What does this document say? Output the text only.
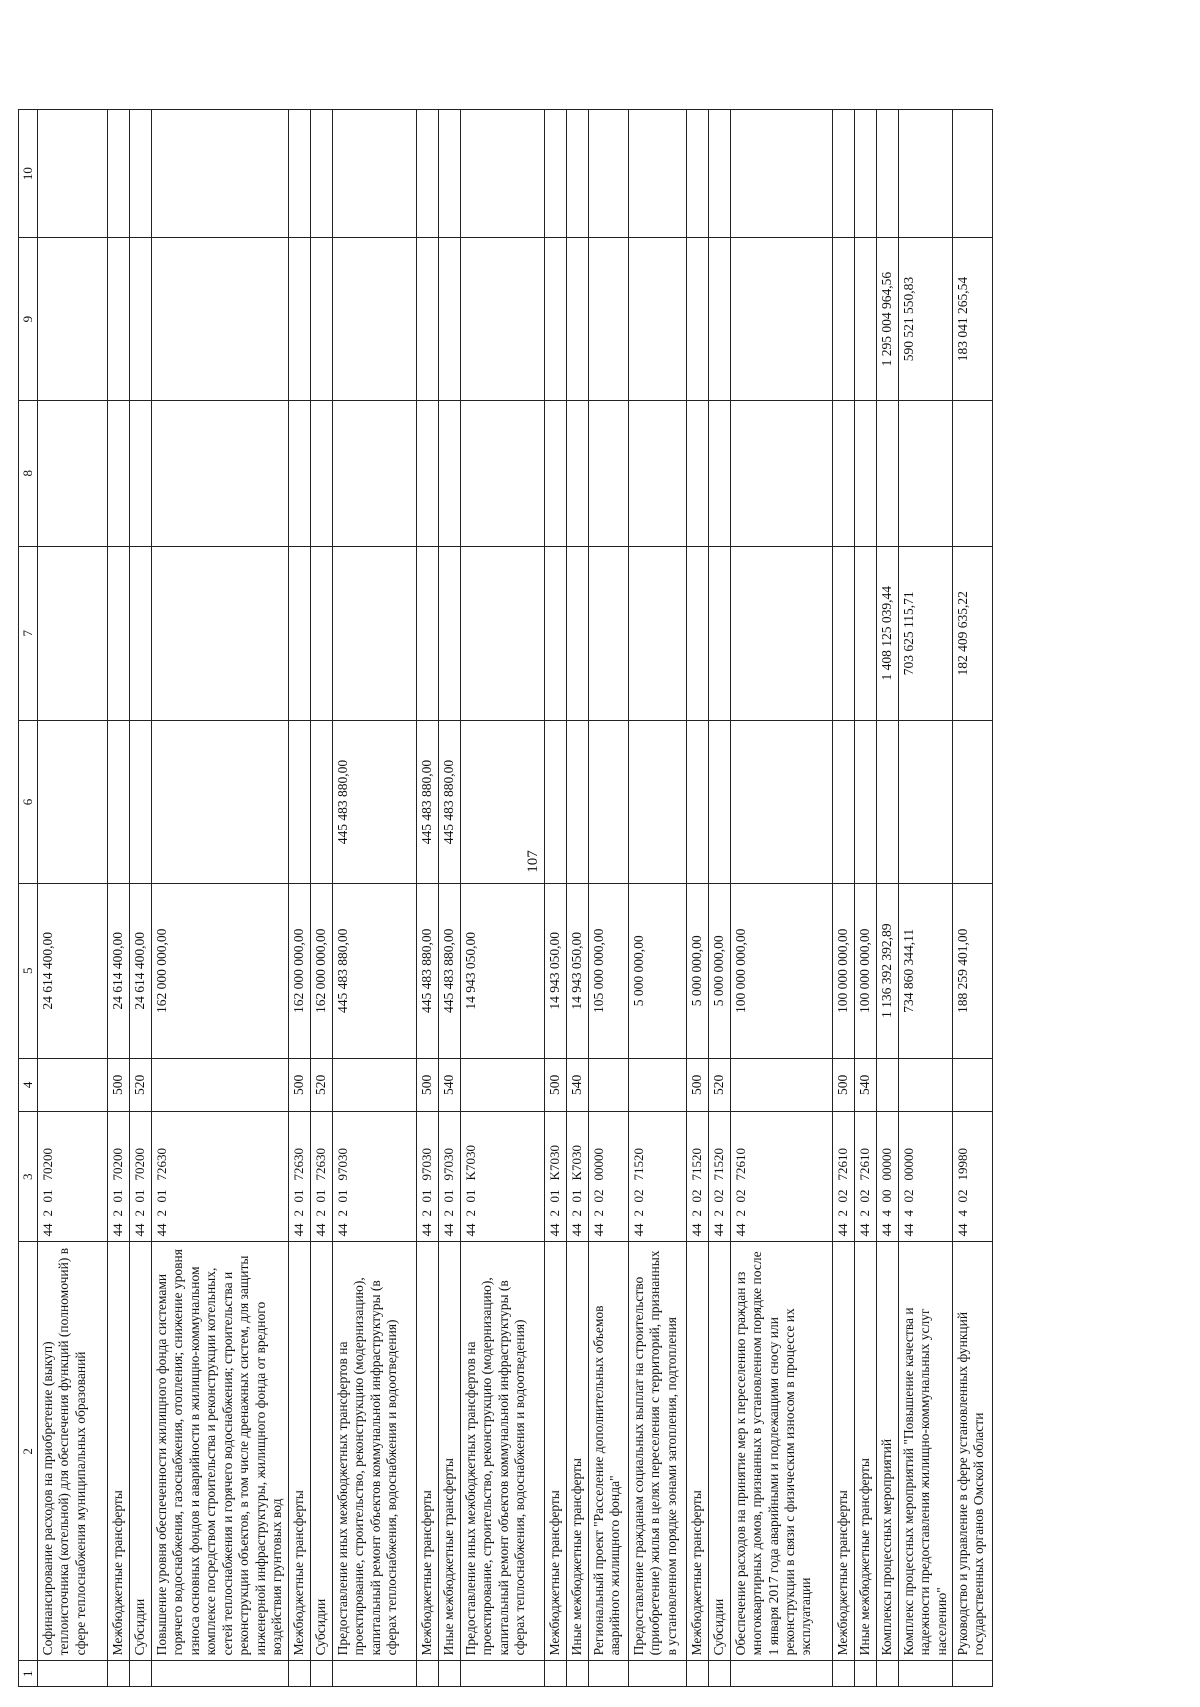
107
1	2	3	4	5	6	7	8	9	10
	Софинансирование расходов на приобретение (выкуп) теплоисточника (котельной) для обеспечения функций (полномочий) в сфере теплоснабжения муниципальных образований	4420170200		24 614 400,00					
	Межбюджетные трансферты	4420170200	500	24 614 400,00					
	Субсидии	4420170200	520	24 614 400,00					
	Повышение уровня обеспеченности жилищного фонда системами горячего водоснабжения, газоснабжения, отопления; снижение уровня износа основных фондов и аварийности в жилищно-коммунальном комплексе посредством строительства и реконструкции котельных, сетей теплоснабжения и горячего водоснабжения; строительства и реконструкции объектов, в том числе дренажных систем, для защиты инженерной инфраструктуры, жилищного фонда от вредного воздействия грунтовых вод	4420172630		162 000 000,00					
	Межбюджетные трансферты	4420172630	500	162 000 000,00					
	Субсидии	4420172630	520	162 000 000,00					
	Предоставление иных межбюджетных трансфертов на проектирование, строительство, реконструкцию (модернизацию), капитальный ремонт объектов коммунальной инфраструктуры (в сферах теплоснабжения, водоснабжения и водоотведения)	4420197030		445 483 880,00	445 483 880,00				
	Межбюджетные трансферты	4420197030	500	445 483 880,00	445 483 880,00				
	Иные межбюджетные трансферты	4420197030	540	445 483 880,00	445 483 880,00				
	Предоставление иных межбюджетных трансфертов на проектирование, строительство, реконструкцию (модернизацию), капитальный ремонт объектов коммунальной инфраструктуры (в сферах теплоснабжения, водоснабжения и водоотведения)	44201K7030		14 943 050,00					
	Межбюджетные трансферты	44201K7030	500	14 943 050,00					
	Иные межбюджетные трансферты	44201K7030	540	14 943 050,00					
	Региональный проект "Расселение дополнительных объемов аварийного жилищного фонда"	4420200000		105 000 000,00					
	Предоставление гражданам социальных выплат на строительство (приобретение) жилья в целях переселения с территорий, признанных в установленном порядке зонами затопления, подтопления	4420271520		5 000 000,00					
	Межбюджетные трансферты	4420271520	500	5 000 000,00					
	Субсидии	4420271520	520	5 000 000,00					
	Обеспечение расходов на принятие мер к переселению граждан из многоквартирных домов, признанных в установленном порядке после 1 января 2017 года аварийными и подлежащими сносу или реконструкции в связи с физическим износом в процессе их эксплуатации	4420272610		100 000 000,00					
	Межбюджетные трансферты	4420272610	500	100 000 000,00					
	Иные межбюджетные трансферты	4420272610	540	100 000 000,00					
	Комплексы процессных мероприятий	4440000000		1 136 392 392,89		1 408 125 039,44		1 295 004 964,56	
	Комплекс процессных мероприятий "Повышение качества и надежности предоставления жилищно-коммунальных услуг населению"	4440200000		734 860 344,11		703 625 115,71		590 521 550,83	
	Руководство и управление в сфере установленных функций государственных органов Омской области	4440219980		188 259 401,00		182 409 635,22		183 041 265,54	
